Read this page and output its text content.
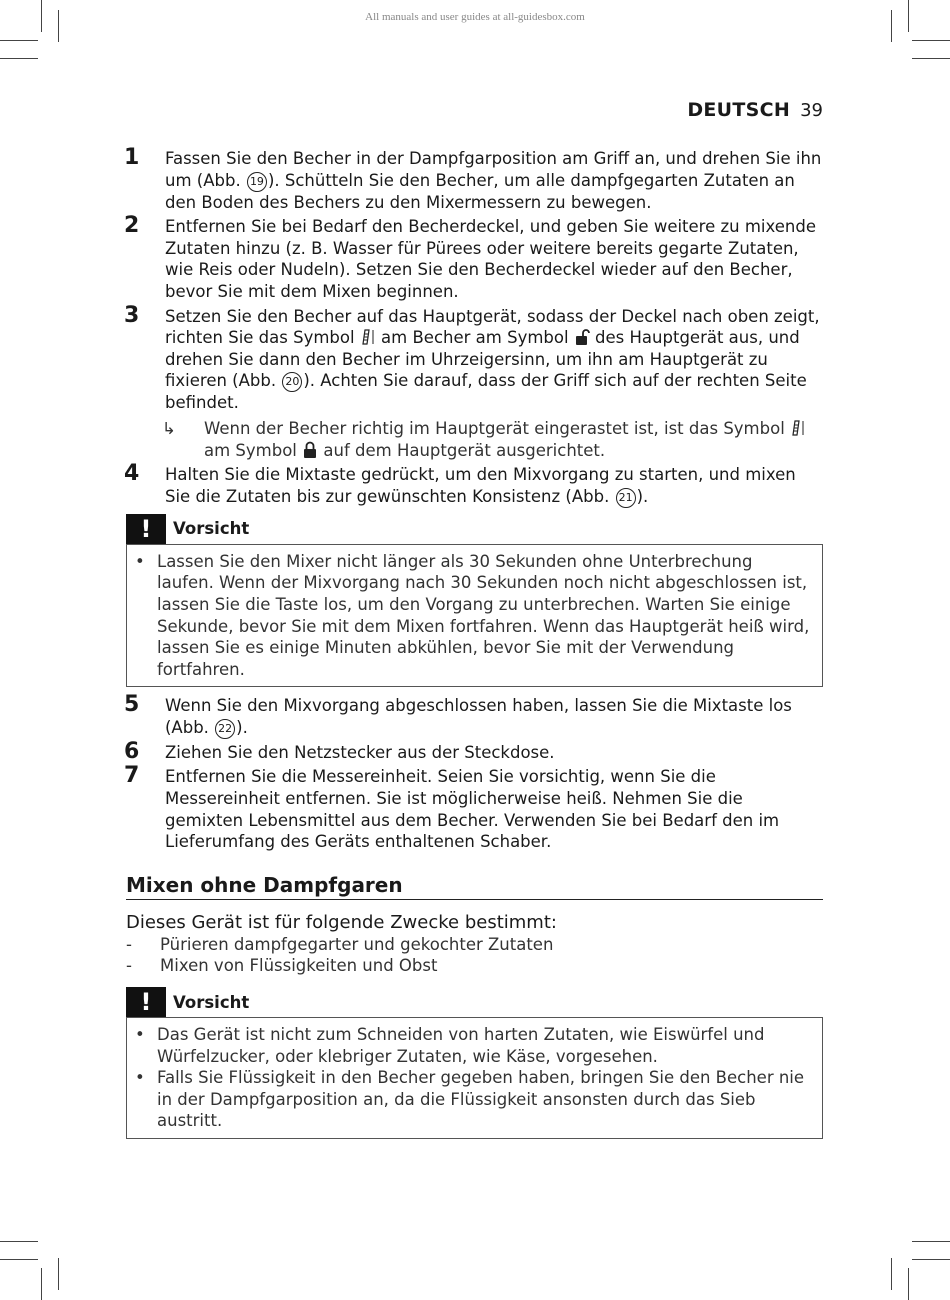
All manuals and user guides at all-guidesbox.com
DEUTSCH 39
1 Fassen Sie den Becher in der Dampfgarposition am Griff an, und drehen Sie ihn um (Abb. 19 ). Schütteln Sie den Becher, um alle dampfgegarten Zutaten an den Boden des Bechers zu den Mixermessern zu bewegen.
2 Entfernen Sie bei Bedarf den Becherdeckel, und geben Sie weitere zu mixende Zutaten hinzu (z. B. Wasser für Pürees oder weitere bereits gegarte Zutaten, wie Reis oder Nudeln). Setzen Sie den Becherdeckel wieder auf den Becher, bevor Sie mit dem Mixen beginnen.
3 Setzen Sie den Becher auf das Hauptgerät, sodass der Deckel nach oben zeigt, richten Sie das Symbol  am Becher am Symbol  des Hauptgerät aus, und drehen Sie dann den Becher im Uhrzeigersinn, um ihn am Hauptgerät zu fixieren (Abb. 20 ). Achten Sie darauf, dass der Griff sich auf der rechten Seite befindet.
↳ Wenn der Becher richtig im Hauptgerät eingerastet ist, ist das Symbol
am Symbol  auf dem Hauptgerät ausgerichtet.
4 Halten Sie die Mixtaste gedrückt, um den Mixvorgang zu starten, und mixen Sie die Zutaten bis zur gewünschten Konsistenz (Abb. 21 ).
!	Vorsicht
• Lassen Sie den Mixer nicht länger als 30 Sekunden ohne Unterbrechung laufen. Wenn der Mixvorgang nach 30 Sekunden noch nicht abgeschlossen ist, lassen Sie die Taste los, um den Vorgang zu unterbrechen. Warten Sie einige Sekunde, bevor Sie mit dem Mixen fortfahren. Wenn das Hauptgerät heiß wird, lassen Sie es einige Minuten abkühlen, bevor Sie mit der Verwendung fortfahren.
5 Wenn Sie den Mixvorgang abgeschlossen haben, lassen Sie die Mixtaste los (Abb. 22 ).
6 Ziehen Sie den Netzstecker aus der Steckdose.
7 Entfernen Sie die Messereinheit. Seien Sie vorsichtig, wenn Sie die Messereinheit entfernen. Sie ist möglicherweise heiß. Nehmen Sie die gemixten Lebensmittel aus dem Becher. Verwenden Sie bei Bedarf den im Lieferumfang des Geräts enthaltenen Schaber.
Mixen ohne Dampfgaren
Dieses Gerät ist für folgende Zwecke bestimmt:
- Pürieren dampfgegarter und gekochter Zutaten
- Mixen von Flüssigkeiten und Obst
!	Vorsicht
• Das Gerät ist nicht zum Schneiden von harten Zutaten, wie Eiswürfel und Würfelzucker, oder klebriger Zutaten, wie Käse, vorgesehen.
• Falls Sie Flüssigkeit in den Becher gegeben haben, bringen Sie den Becher nie in der Dampfgarposition an, da die Flüssigkeit ansonsten durch das Sieb austritt.
